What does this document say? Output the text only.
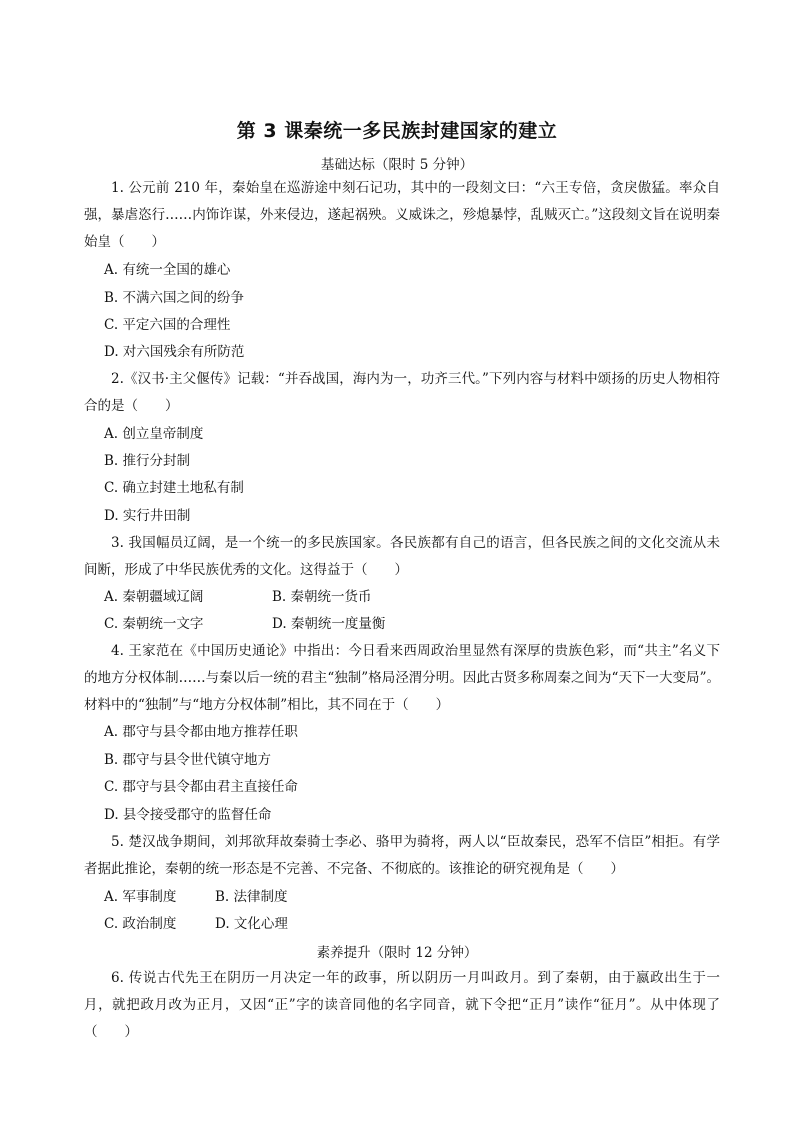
第 3 课秦统一多民族封建国家的建立
基础达标（限时 5 分钟）
1. 公元前 210 年，秦始皇在巡游途中刻石记功，其中的一段刻文曰：“六王专倍，贪戾傲猛。率众自强，暴虐恣行……内饰诈谋，外来侵边，遂起祸殃。义威诛之，殄熄暴悖，乱贼灭亡。”这段刻文旨在说明秦始皇（　　）
A. 有统一全国的雄心
B. 不满六国之间的纷争
C. 平定六国的合理性
D. 对六国残余有所防范
2.《汉书·主父偃传》记载：“并吞战国，海内为一，功齐三代。”下列内容与材料中颂扬的历史人物相符合的是（　　）
A. 创立皇帝制度
B. 推行分封制
C. 确立封建土地私有制
D. 实行井田制
3. 我国幅员辽阔，是一个统一的多民族国家。各民族都有自己的语言，但各民族之间的文化交流从未间断，形成了中华民族优秀的文化。这得益于（　　）
A. 秦朝疆域辽阔	B. 秦朝统一货币
C. 秦朝统一文字	D. 秦朝统一度量衡
4. 王家范在《中国历史通论》中指出：今日看来西周政治里显然有深厚的贵族色彩，而“共主”名义下的地方分权体制……与秦以后一统的君主“独制”格局泾渭分明。因此古贤多称周秦之间为“天下一大变局”。材料中的“独制”与“地方分权体制”相比，其不同在于（　　）
A. 郡守与县令都由地方推荐任职
B. 郡守与县令世代镇守地方
C. 郡守与县令都由君主直接任命
D. 县令接受郡守的监督任命
5. 楚汉战争期间，刘邦欲拜故秦骑士李必、骆甲为骑将，两人以“臣故秦民，恐军不信臣”相拒。有学者据此推论，秦朝的统一形态是不完善、不完备、不彻底的。该推论的研究视角是（　　）
A. 军事制度	B. 法律制度
C. 政治制度	D. 文化心理
素养提升（限时 12 分钟）
6. 传说古代先王在阴历一月决定一年的政事，所以阴历一月叫政月。到了秦朝，由于嬴政出生于一月，就把政月改为正月，又因“正”字的读音同他的名字同音，就下令把“正月”读作“征月”。从中体现了（　　）
